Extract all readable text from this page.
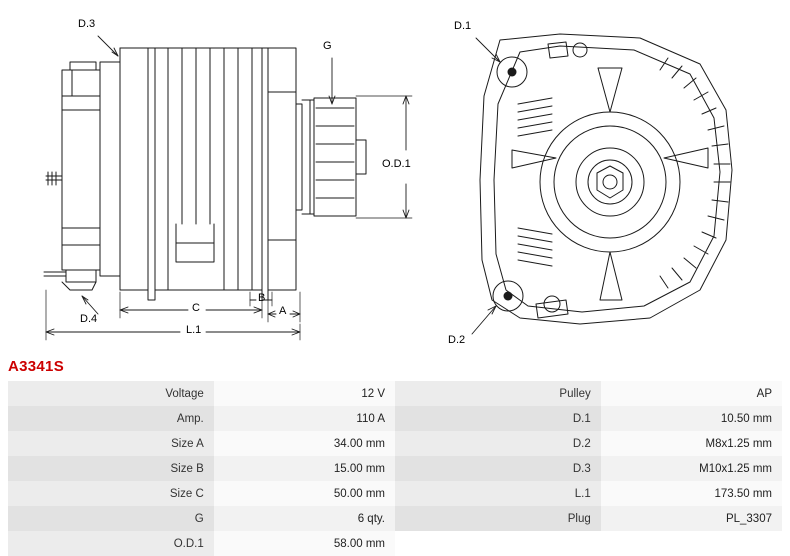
D.3
G
O.D.1
D.4
C
B
A
L.1
D.1
D.2
A3341S
Voltage	12 V
Amp.	110 A
Size A	34.00 mm
Size B	15.00 mm
Size C	50.00 mm
G	6 qty.
O.D.1	58.00 mm
Pulley	AP
D.1	10.50 mm
D.2	M8x1.25 mm
D.3	M10x1.25 mm
L.1	173.50 mm
Plug	PL_3307
